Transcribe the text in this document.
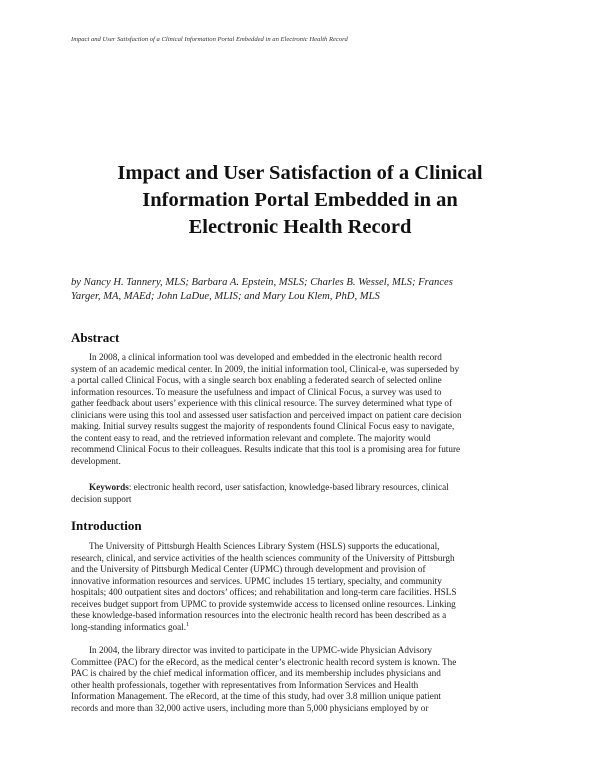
Impact and User Satisfaction of a Clinical Information Portal Embedded in an Electronic Health Record
Impact and User Satisfaction of a Clinical
Information Portal Embedded in an
Electronic Health Record
by Nancy H. Tannery, MLS; Barbara A. Epstein, MSLS; Charles B. Wessel, MLS; Frances
Yarger, MA, MAEd; John LaDue, MLIS; and Mary Lou Klem, PhD, MLS
Abstract
In 2008, a clinical information tool was developed and embedded in the electronic health record
system of an academic medical center. In 2009, the initial information tool, Clinical-e, was superseded by
a portal called Clinical Focus, with a single search box enabling a federated search of selected online
information resources. To measure the usefulness and impact of Clinical Focus, a survey was used to
gather feedback about users’ experience with this clinical resource. The survey determined what type of
clinicians were using this tool and assessed user satisfaction and perceived impact on patient care decision
making. Initial survey results suggest the majority of respondents found Clinical Focus easy to navigate,
the content easy to read, and the retrieved information relevant and complete. The majority would
recommend Clinical Focus to their colleagues. Results indicate that this tool is a promising area for future
development.
Keywords: electronic health record, user satisfaction, knowledge-based library resources, clinical
decision support
Introduction
The University of Pittsburgh Health Sciences Library System (HSLS) supports the educational,
research, clinical, and service activities of the health sciences community of the University of Pittsburgh
and the University of Pittsburgh Medical Center (UPMC) through development and provision of
innovative information resources and services. UPMC includes 15 tertiary, specialty, and community
hospitals; 400 outpatient sites and doctors’ offices; and rehabilitation and long-term care facilities. HSLS
receives budget support from UPMC to provide systemwide access to licensed online resources. Linking
these knowledge-based information resources into the electronic health record has been described as a
long-standing informatics goal.$^1$
In 2004, the library director was invited to participate in the UPMC-wide Physician Advisory
Committee (PAC) for the eRecord, as the medical center’s electronic health record system is known. The
PAC is chaired by the chief medical information officer, and its membership includes physicians and
other health professionals, together with representatives from Information Services and Health
Information Management. The eRecord, at the time of this study, had over 3.8 million unique patient
records and more than 32,000 active users, including more than 5,000 physicians employed by or
